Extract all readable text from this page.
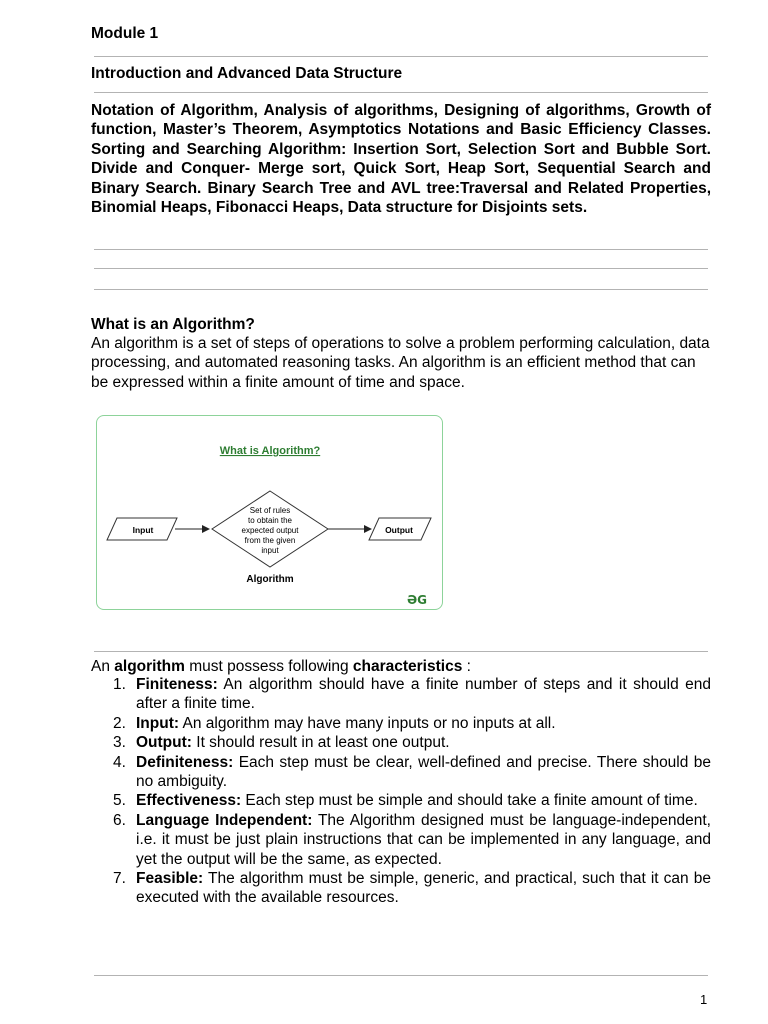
Module 1
Introduction and Advanced Data Structure
Notation of Algorithm, Analysis of algorithms, Designing of algorithms, Growth of function, Master’s Theorem, Asymptotics Notations and Basic Efficiency Classes. Sorting and Searching Algorithm: Insertion Sort, Selection Sort and Bubble Sort. Divide and Conquer- Merge sort, Quick Sort, Heap Sort, Sequential Search and Binary Search. Binary Search Tree and AVL tree:Traversal and Related Properties, Binomial Heaps, Fibonacci Heaps, Data structure for Disjoints sets.
What is an Algorithm?
An algorithm is a set of steps of operations to solve a problem performing calculation, data processing, and automated reasoning tasks. An algorithm is an efficient method that can be expressed within a finite amount of time and space.
What is Algorithm?
Input
Set of rules
to obtain the
expected output
from the given
input
Output
Algorithm
ƏG
An algorithm must possess following characteristics :
1. Finiteness: An algorithm should have a finite number of steps and it should end after a finite time.
2. Input: An algorithm may have many inputs or no inputs at all.
3. Output: It should result in at least one output.
4. Definiteness: Each step must be clear, well-defined and precise. There should be no ambiguity.
5. Effectiveness: Each step must be simple and should take a finite amount of time.
6. Language Independent: The Algorithm designed must be language-independent, i.e. it must be just plain instructions that can be implemented in any language, and yet the output will be the same, as expected.
7. Feasible: The algorithm must be simple, generic, and practical, such that it can be executed with the available resources.
1
